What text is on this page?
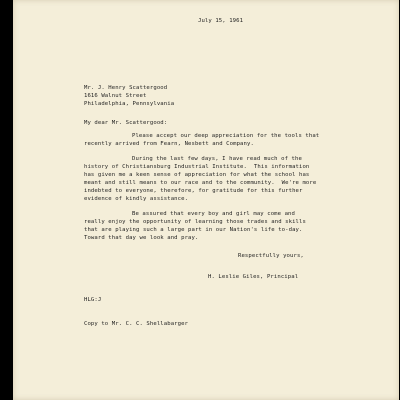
July 15, 1961
Mr. J. Henry Scattergood
1616 Walnut Street
Philadelphia, Pennsylvania
My dear Mr. Scattergood:
Please accept our deep appreciation for the tools that
recently arrived from Fearn, Nesbett and Company.
During the last few days, I have read much of the
history of Christiansburg Industrial Institute.  This information
has given me a keen sense of appreciation for what the school has
meant and still means to our race and to the community.  We're more
indebted to everyone, therefore, for gratitude for this further
evidence of kindly assistance.
Be assured that every boy and girl may come and
really enjoy the opportunity of learning those trades and skills
that are playing such a large part in our Nation's life to-day.
Toward that day we look and pray.
Respectfully yours,
H. Leslie Giles, Principal
HLG:J
Copy to Mr. C. C. Shellabarger
